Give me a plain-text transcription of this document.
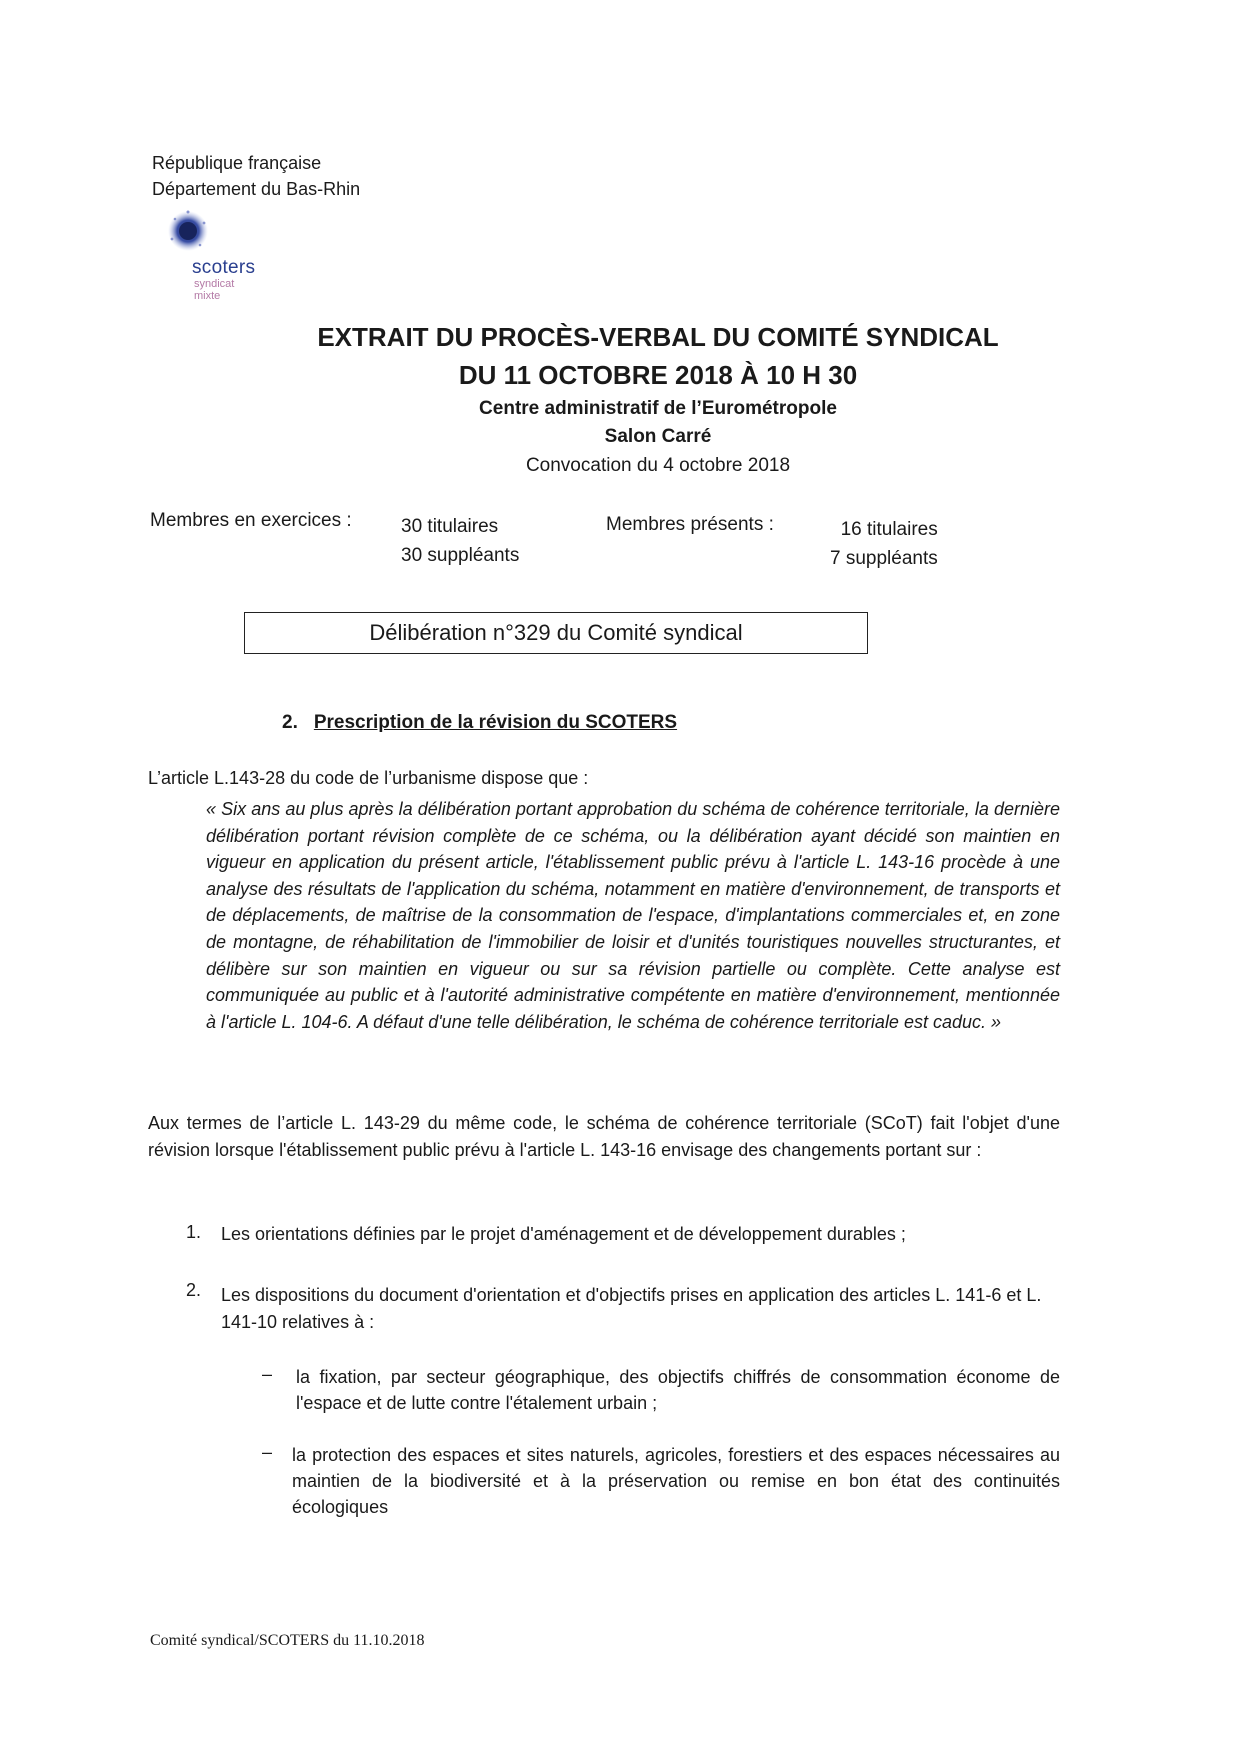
République française
Département du Bas-Rhin
scoters
syndicat
mixte
EXTRAIT DU PROCÈS-VERBAL DU COMITÉ SYNDICAL
DU 11 OCTOBRE 2018 À 10 H 30
Centre administratif de l’Eurométropole
Salon Carré
Convocation du 4 octobre 2018
Membres en exercices :	30 titulaires
30 suppléants
Membres présents :	16 titulaires
7 suppléants
Délibération n°329 du Comité syndical
2. Prescription de la révision du SCOTERS
L’article L.143-28 du code de l’urbanisme dispose que :
« Six ans au plus après la délibération portant approbation du schéma de cohérence territoriale, la dernière délibération portant révision complète de ce schéma, ou la délibération ayant décidé son maintien en vigueur en application du présent article, l'établissement public prévu à l'article L. 143-16 procède à une analyse des résultats de l'application du schéma, notamment en matière d'environnement, de transports et de déplacements, de maîtrise de la consommation de l'espace, d'implantations commerciales et, en zone de montagne, de réhabilitation de l'immobilier de loisir et d'unités touristiques nouvelles structurantes, et délibère sur son maintien en vigueur ou sur sa révision partielle ou complète. Cette analyse est communiquée au public et à l'autorité administrative compétente en matière d'environnement, mentionnée à l'article L. 104-6. A défaut d'une telle délibération, le schéma de cohérence territoriale est caduc. »
Aux termes de l’article L. 143-29 du même code, le schéma de cohérence territoriale (SCoT) fait l'objet d'une révision lorsque l'établissement public prévu à l'article L. 143-16 envisage des changements portant sur :
1. Les orientations définies par le projet d'aménagement et de développement durables ;
2. Les dispositions du document d'orientation et d'objectifs prises en application des articles L. 141-6 et L. 141-10 relatives à :
– la fixation, par secteur géographique, des objectifs chiffrés de consommation économe de l'espace et de lutte contre l'étalement urbain ;
– la protection des espaces et sites naturels, agricoles, forestiers et des espaces nécessaires au maintien de la biodiversité et à la préservation ou remise en bon état des continuités écologiques
Comité syndical/SCOTERS du 11.10.2018
